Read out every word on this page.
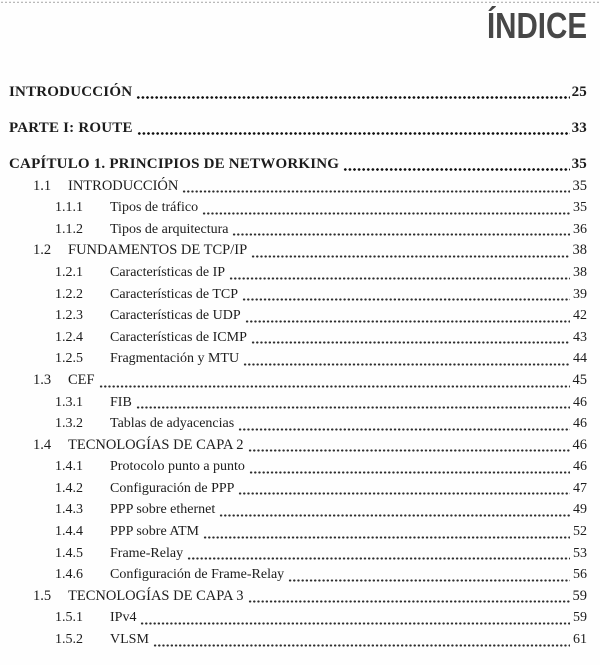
ÍNDICE
INTRODUCCIÓN	25
PARTE I: ROUTE	33
CAPÍTULO 1. PRINCIPIOS DE NETWORKING	35
1.1	INTRODUCCIÓN	35
1.1.1	Tipos de tráfico	35
1.1.2	Tipos de arquitectura	36
1.2	FUNDAMENTOS DE TCP/IP	38
1.2.1	Características de IP	38
1.2.2	Características de TCP	39
1.2.3	Características de UDP	42
1.2.4	Características de ICMP	43
1.2.5	Fragmentación y MTU	44
1.3	CEF	45
1.3.1	FIB	46
1.3.2	Tablas de adyacencias	46
1.4	TECNOLOGÍAS DE CAPA 2	46
1.4.1	Protocolo punto a punto	46
1.4.2	Configuración de PPP	47
1.4.3	PPP sobre ethernet	49
1.4.4	PPP sobre ATM	52
1.4.5	Frame-Relay	53
1.4.6	Configuración de Frame-Relay	56
1.5	TECNOLOGÍAS DE CAPA 3	59
1.5.1	IPv4	59
1.5.2	VLSM	61
